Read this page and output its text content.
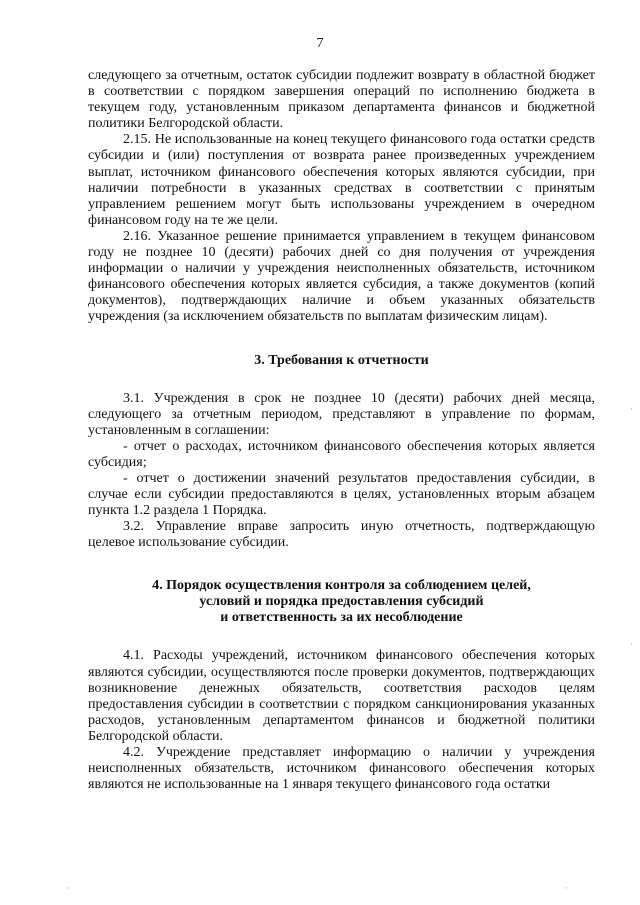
7

следующего за отчетным, остаток субсидии подлежит возврату в областной бюджет в соответствии с порядком завершения операций по исполнению бюджета в текущем году, установленным приказом департамента финансов и бюджетной политики Белгородской области.

2.15. Не использованные на конец текущего финансового года остатки средств субсидии и (или) поступления от возврата ранее произведенных учреждением выплат, источником финансового обеспечения которых являются субсидии, при наличии потребности в указанных средствах в соответствии с принятым управлением решением могут быть использованы учреждением в очередном финансовом году на те же цели.

2.16. Указанное решение принимается управлением в текущем финансовом году не позднее 10 (десяти) рабочих дней со дня получения от учреждения информации о наличии у учреждения неисполненных обязательств, источником финансового обеспечения которых является субсидия, а также документов (копий документов), подтверждающих наличие и объем указанных обязательств учреждения (за исключением обязательств по выплатам физическим лицам).

3. Требования к отчетности

3.1. Учреждения в срок не позднее 10 (десяти) рабочих дней месяца, следующего за отчетным периодом, представляют в управление по формам, установленным в соглашении:

- отчет о расходах, источником финансового обеспечения которых является субсидия;

- отчет о достижении значений результатов предоставления субсидии, в случае если субсидии предоставляются в целях, установленных вторым абзацем пункта 1.2 раздела 1 Порядка.

3.2. Управление вправе запросить иную отчетность, подтверждающую целевое использование субсидии.

4. Порядок осуществления контроля за соблюдением целей,
условий и порядка предоставления субсидий
и ответственность за их несоблюдение

4.1. Расходы учреждений, источником финансового обеспечения которых являются субсидии, осуществляются после проверки документов, подтверждающих возникновение денежных обязательств, соответствия расходов целям предоставления субсидии в соответствии с порядком санкционирования указанных расходов, установленным департаментом финансов и бюджетной политики Белгородской области.

4.2. Учреждение представляет информацию о наличии у учреждения неисполненных обязательств, источником финансового обеспечения которых являются не использованные на 1 января текущего финансового года остатки

·
·
·	·
